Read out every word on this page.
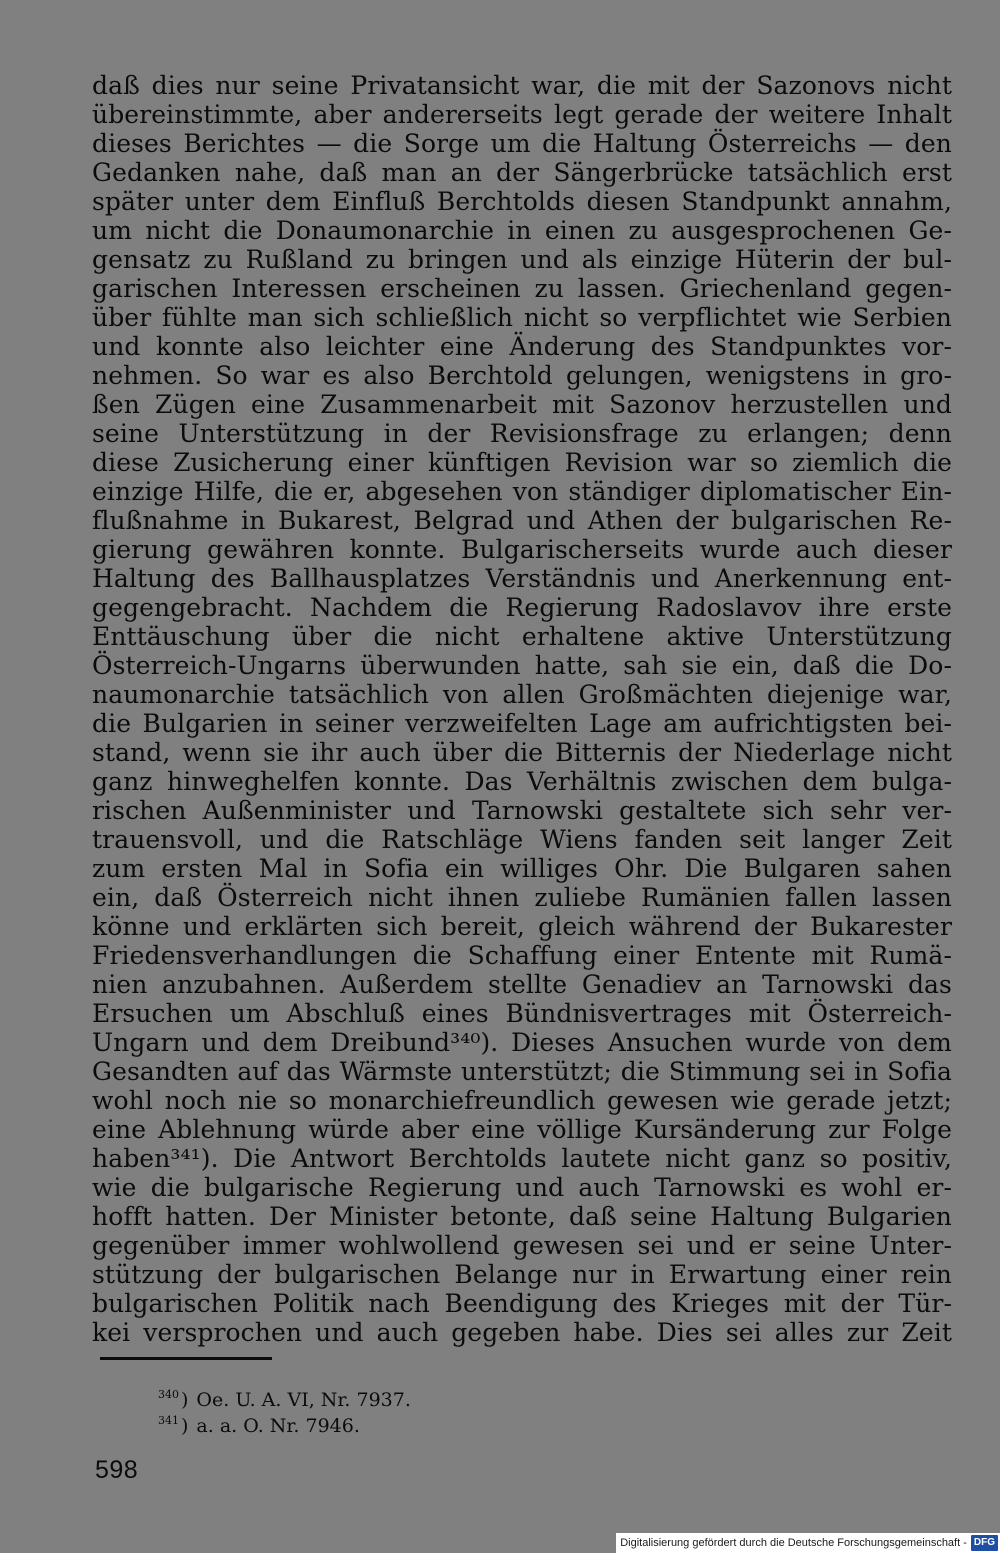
daß dies nur seine Privatansicht war, die mit der Sazonovs nicht
übereinstimmte, aber andererseits legt gerade der weitere Inhalt
dieses Berichtes — die Sorge um die Haltung Österreichs — den
Gedanken nahe, daß man an der Sängerbrücke tatsächlich erst
später unter dem Einfluß Berchtolds diesen Standpunkt annahm,
um nicht die Donaumonarchie in einen zu ausgesprochenen Ge-
gensatz zu Rußland zu bringen und als einzige Hüterin der bul-
garischen Interessen erscheinen zu lassen. Griechenland gegen-
über fühlte man sich schließlich nicht so verpflichtet wie Serbien
und konnte also leichter eine Änderung des Standpunktes vor-
nehmen. So war es also Berchtold gelungen, wenigstens in gro-
ßen Zügen eine Zusammenarbeit mit Sazonov herzustellen und
seine Unterstützung in der Revisionsfrage zu erlangen; denn
diese Zusicherung einer künftigen Revision war so ziemlich die
einzige Hilfe, die er, abgesehen von ständiger diplomatischer Ein-
flußnahme in Bukarest, Belgrad und Athen der bulgarischen Re-
gierung gewähren konnte. Bulgarischerseits wurde auch dieser
Haltung des Ballhausplatzes Verständnis und Anerkennung ent-
gegengebracht. Nachdem die Regierung Radoslavov ihre erste
Enttäuschung über die nicht erhaltene aktive Unterstützung
Österreich-Ungarns überwunden hatte, sah sie ein, daß die Do-
naumonarchie tatsächlich von allen Großmächten diejenige war,
die Bulgarien in seiner verzweifelten Lage am aufrichtigsten bei-
stand, wenn sie ihr auch über die Bitternis der Niederlage nicht
ganz hinweghelfen konnte. Das Verhältnis zwischen dem bulga-
rischen Außenminister und Tarnowski gestaltete sich sehr ver-
trauensvoll, und die Ratschläge Wiens fanden seit langer Zeit
zum ersten Mal in Sofia ein williges Ohr. Die Bulgaren sahen
ein, daß Österreich nicht ihnen zuliebe Rumänien fallen lassen
könne und erklärten sich bereit, gleich während der Bukarester
Friedensverhandlungen die Schaffung einer Entente mit Rumä-
nien anzubahnen. Außerdem stellte Genadiev an Tarnowski das
Ersuchen um Abschluß eines Bündnisvertrages mit Österreich-
Ungarn und dem Dreibund³⁴⁰). Dieses Ansuchen wurde von dem
Gesandten auf das Wärmste unterstützt; die Stimmung sei in Sofia
wohl noch nie so monarchiefreundlich gewesen wie gerade jetzt;
eine Ablehnung würde aber eine völlige Kursänderung zur Folge
haben³⁴¹). Die Antwort Berchtolds lautete nicht ganz so positiv,
wie die bulgarische Regierung und auch Tarnowski es wohl er-
hofft hatten. Der Minister betonte, daß seine Haltung Bulgarien
gegenüber immer wohlwollend gewesen sei und er seine Unter-
stützung der bulgarischen Belange nur in Erwartung einer rein
bulgarischen Politik nach Beendigung des Krieges mit der Tür-
kei versprochen und auch gegeben habe. Dies sei alles zur Zeit
$^{340}$ ) Oe. U. A. VI, Nr. 7937.
$^{341}$ ) a. a. O. Nr. 7946.
598
Digitalisierung gefördert durch die Deutsche Forschungsgemeinschaft - DFG
